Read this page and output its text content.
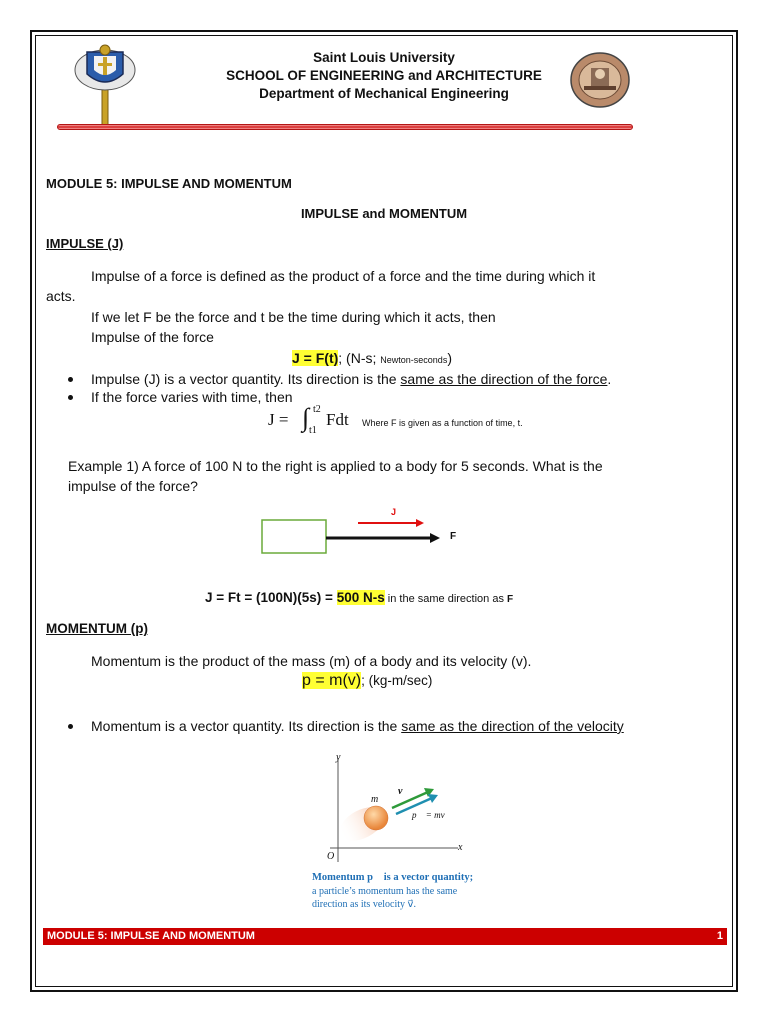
Saint Louis University
SCHOOL OF ENGINEERING and ARCHITECTURE
Department of Mechanical Engineering
MODULE 5: IMPULSE AND MOMENTUM
IMPULSE and MOMENTUM
IMPULSE (J)
Impulse of a force is defined as the product of a force and the time during which it
acts.
If we let F be the force and t be the time during which it acts, then
Impulse of the force
J = F(t); (N-s; Newton-seconds)
Impulse (J) is a vector quantity. Its direction is the same as the direction of the force.
If the force varies with time, then
J = ∫ t2
t1
Fdt Where F is given as a function of time, t.
Example 1) A force of 100 N to the right is applied to a body for 5 seconds. What is the
impulse of the force?
J
F
J = Ft = (100N)(5s) = 500 N-s in the same direction as F
MOMENTUM (p)
Momentum is the product of the mass (m) of a body and its velocity (v).
p = m(v); (kg-m/sec)
Momentum is a vector quantity. Its direction is the same as the direction of the velocity
y
x
O
m
v⃗
p⃗ = mv⃗
Momentum p⃗ is a vector quantity;
a particle’s momentum has the same
direction as its velocity v⃗.
MODULE 5: IMPULSE AND MOMENTUM	1
